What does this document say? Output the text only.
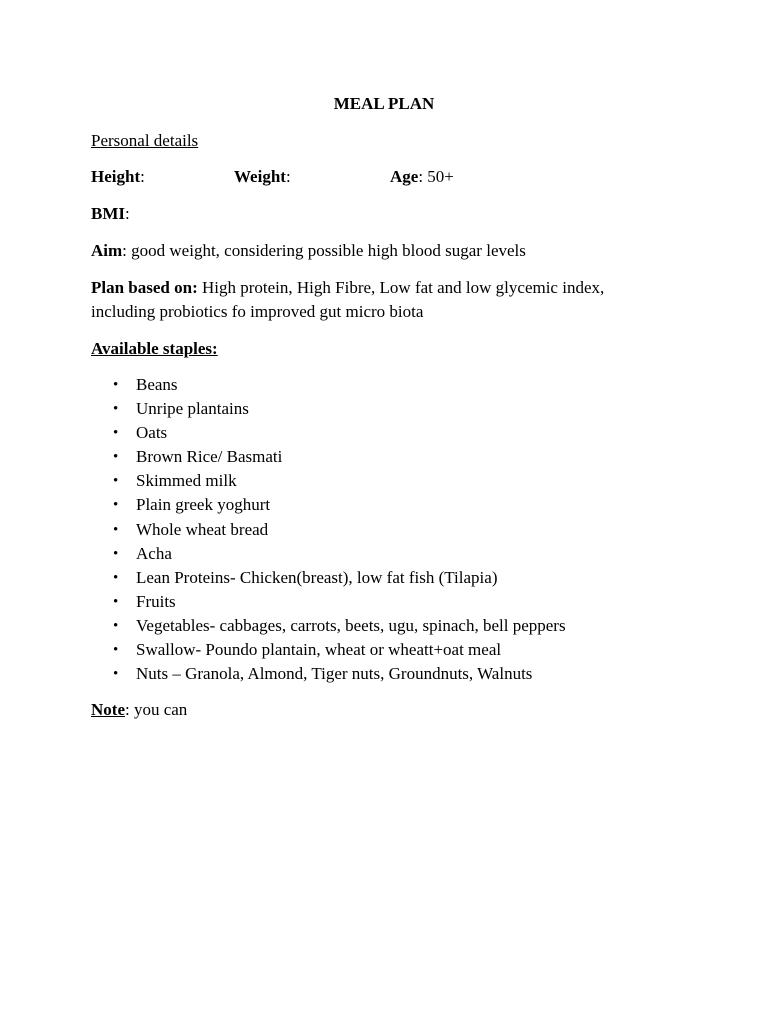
MEAL PLAN
Personal details
Height:	Weight:	Age: 50+
BMI:
Aim: good weight, considering possible high blood sugar levels
Plan based on: High protein, High Fibre, Low fat and low glycemic index, including probiotics fo improved gut micro biota
Available staples:
• Beans
• Unripe plantains
• Oats
• Brown Rice/ Basmati
• Skimmed milk
• Plain greek yoghurt
• Whole wheat bread
• Acha
• Lean Proteins- Chicken(breast), low fat fish (Tilapia)
• Fruits
• Vegetables- cabbages, carrots, beets, ugu, spinach, bell peppers
• Swallow- Poundo plantain, wheat or wheatt+oat meal
• Nuts – Granola, Almond, Tiger nuts, Groundnuts, Walnuts
Note: you can
